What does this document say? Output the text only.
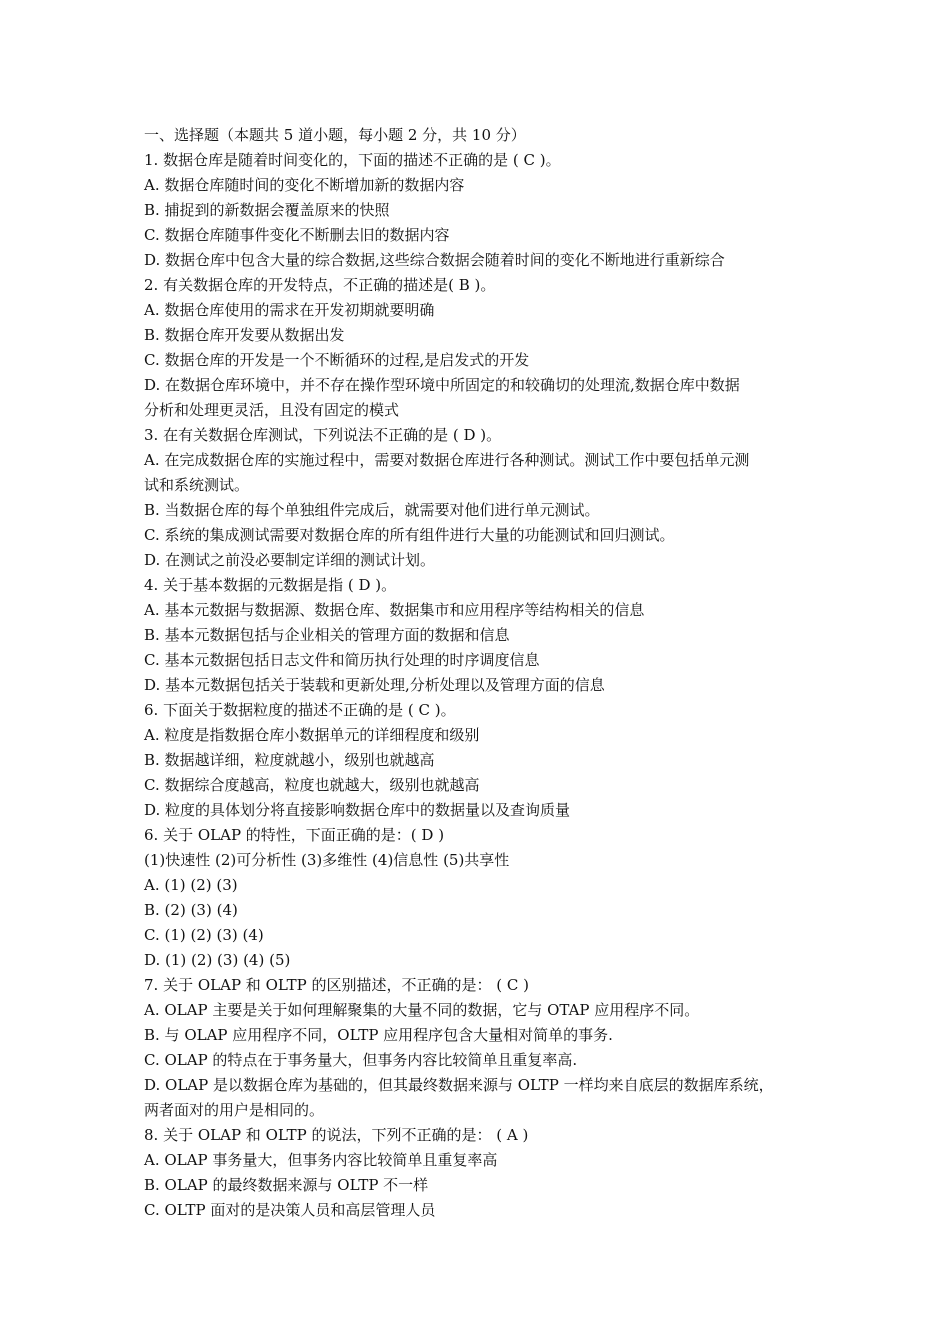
一、选择题（本题共 5 道小题，每小题 2 分，共 10 分）
1. 数据仓库是随着时间变化的，下面的描述不正确的是 ( C )。
A. 数据仓库随时间的变化不断增加新的数据内容
B. 捕捉到的新数据会覆盖原来的快照
C. 数据仓库随事件变化不断删去旧的数据内容
D. 数据仓库中包含大量的综合数据,这些综合数据会随着时间的变化不断地进行重新综合
2. 有关数据仓库的开发特点，不正确的描述是( B )。
A. 数据仓库使用的需求在开发初期就要明确
B. 数据仓库开发要从数据出发
C. 数据仓库的开发是一个不断循环的过程,是启发式的开发
D. 在数据仓库环境中，并不存在操作型环境中所固定的和较确切的处理流,数据仓库中数据
分析和处理更灵活，且没有固定的模式
3. 在有关数据仓库测试，下列说法不正确的是 ( D )。
A. 在完成数据仓库的实施过程中，需要对数据仓库进行各种测试。测试工作中要包括单元测
试和系统测试。
B. 当数据仓库的每个单独组件完成后，就需要对他们进行单元测试。
C. 系统的集成测试需要对数据仓库的所有组件进行大量的功能测试和回归测试。
D. 在测试之前没必要制定详细的测试计划。
4. 关于基本数据的元数据是指 ( D )。
A. 基本元数据与数据源、数据仓库、数据集市和应用程序等结构相关的信息
B. 基本元数据包括与企业相关的管理方面的数据和信息
C. 基本元数据包括日志文件和简历执行处理的时序调度信息
D. 基本元数据包括关于装载和更新处理,分析处理以及管理方面的信息
6. 下面关于数据粒度的描述不正确的是 ( C )。
A. 粒度是指数据仓库小数据单元的详细程度和级别
B. 数据越详细，粒度就越小，级别也就越高
C. 数据综合度越高，粒度也就越大，级别也就越高
D. 粒度的具体划分将直接影响数据仓库中的数据量以及查询质量
6. 关于 OLAP 的特性，下面正确的是：( D )
(1)快速性 (2)可分析性 (3)多维性 (4)信息性 (5)共享性
A. (1) (2) (3)
B. (2) (3) (4)
C. (1) (2) (3) (4)
D. (1) (2) (3) (4) (5)
7. 关于 OLAP 和 OLTP 的区别描述，不正确的是： ( C )
A. OLAP 主要是关于如何理解聚集的大量不同的数据，它与 OTAP 应用程序不同。
B. 与 OLAP 应用程序不同，OLTP 应用程序包含大量相对简单的事务.
C. OLAP 的特点在于事务量大，但事务内容比较简单且重复率高.
D. OLAP 是以数据仓库为基础的，但其最终数据来源与 OLTP 一样均来自底层的数据库系统，
两者面对的用户是相同的。
8. 关于 OLAP 和 OLTP 的说法，下列不正确的是： ( A )
A. OLAP 事务量大，但事务内容比较简单且重复率高
B. OLAP 的最终数据来源与 OLTP 不一样
C. OLTP 面对的是决策人员和高层管理人员
